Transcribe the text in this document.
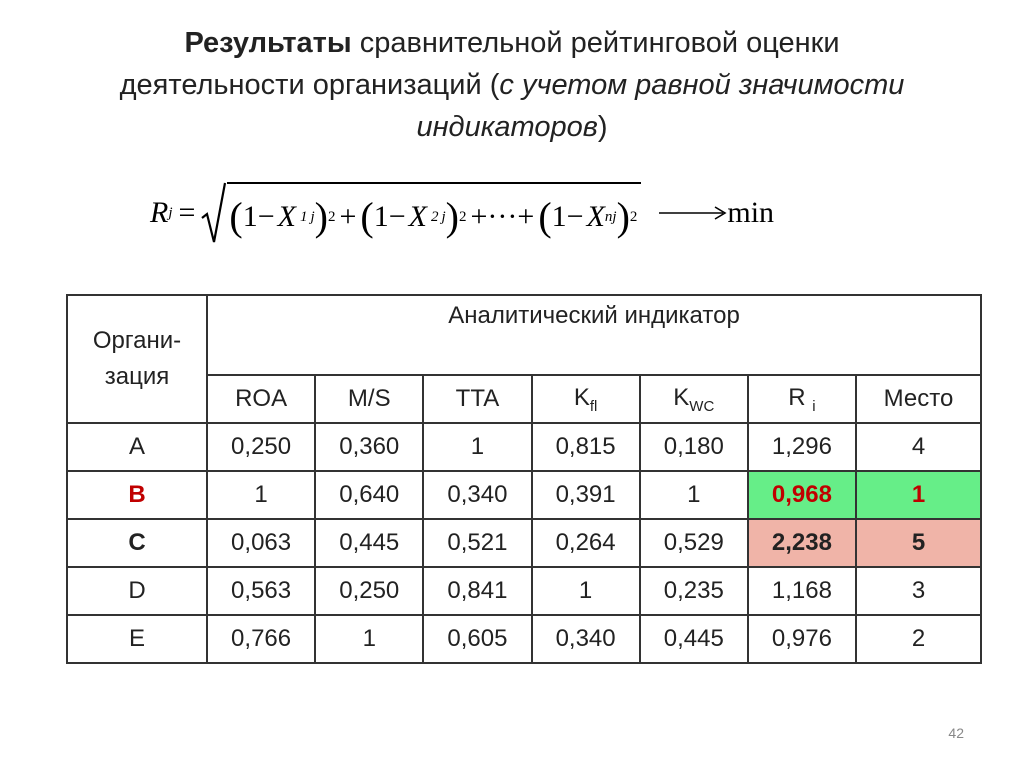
Результаты сравнительной рейтинговой оценки
деятельности организаций (с учетом равной значимости
индикаторов)
R j = ( 1 − X 1 j ) 2 + ( 1 − X 2 j ) 2 +···+ ( 1 − X nj ) 2	min
Органи-
зация	Аналитический индикатор						
	ROA	M/S	TTA	$K_{fl}$	$K_{WC}$	R $_i$	Место
A	0,250	0,360	1	0,815	0,180	1,296	4
B	1	0,640	0,340	0,391	1	0,968	1
C	0,063	0,445	0,521	0,264	0,529	2,238	5
D	0,563	0,250	0,841	1	0,235	1,168	3
E	0,766	1	0,605	0,340	0,445	0,976	2
42
